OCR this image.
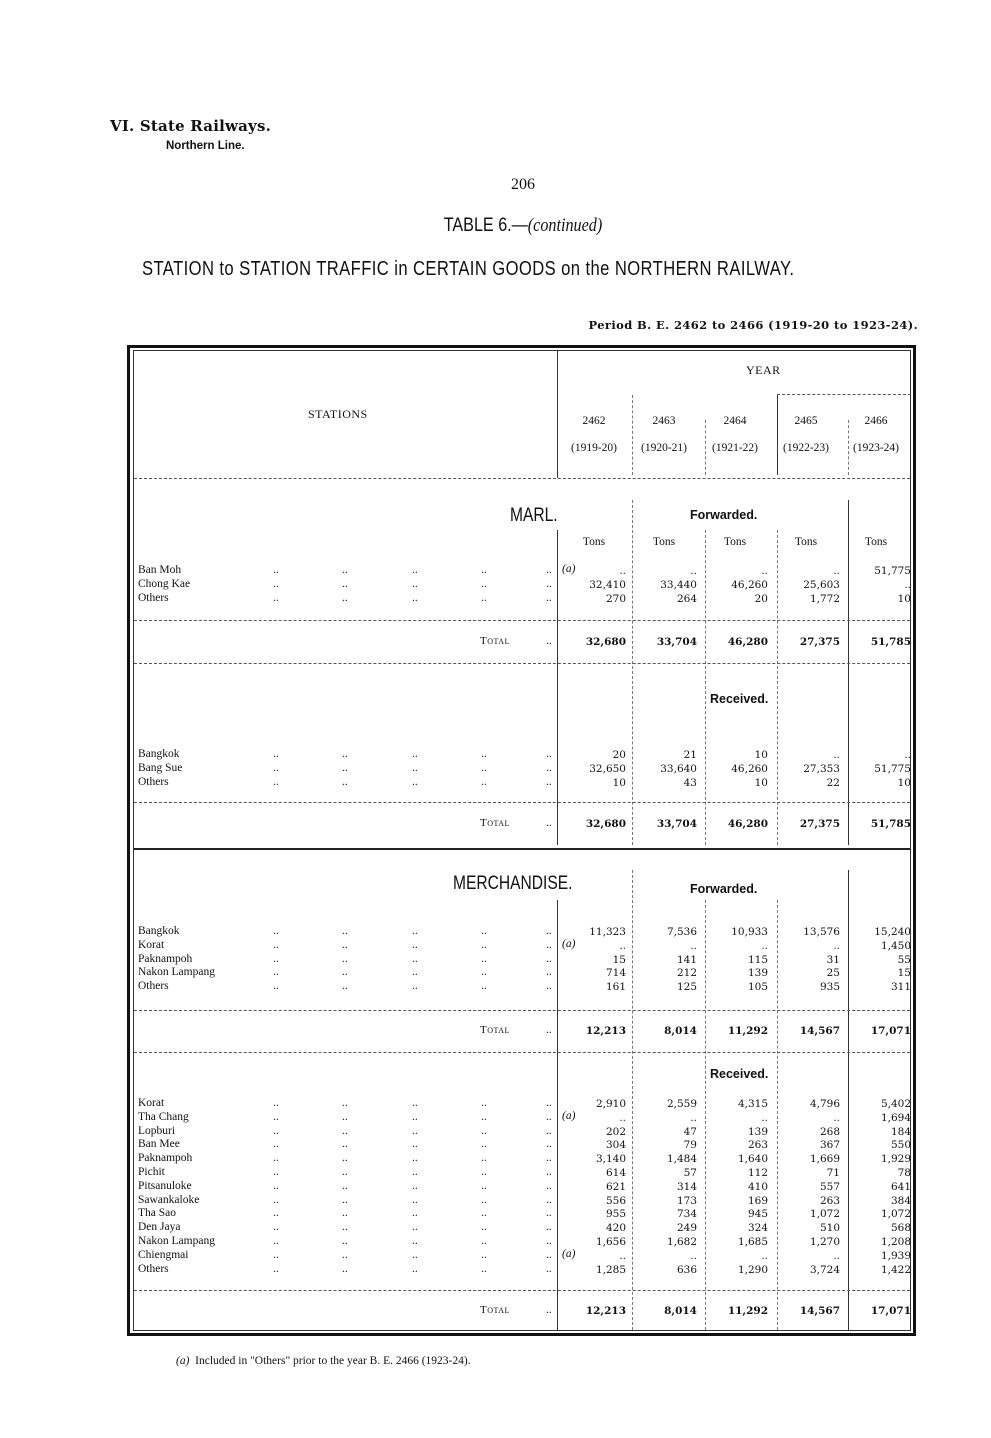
VI. State Railways.
Northern Line.
206
TABLE 6.—(continued)
STATION to STATION TRAFFIC in CERTAIN GOODS on the NORTHERN RAILWAY.
Period B. E. 2462 to 2466 (1919-20 to 1923-24).
STATIONS
YEAR
2462
(1919-20)
2463
(1920-21)
2464
(1921-22)
2465
(1922-23)
2466
(1923-24)
MARL.	Forwarded.
Tons	Tons	Tons	Tons	Tons
Ban Moh	..	..	..	..	.. (a)	..	..	..	..	51,775
Chong Kae	..	..	..	..	..	32,410	33,440	46,260	25,603	..
Others	..	..	..	..	..	270	264	20	1,772	10
Total	..	32,680	33,704	46,280	27,375	51,785
Received.
Bangkok	..	..	..	..	..	20	21	10	..	..
Bang Sue	..	..	..	..	..	32,650	33,640	46,260	27,353	51,775
Others	..	..	..	..	..	10	43	10	22	10
Total	..	32,680	33,704	46,280	27,375	51,785
MERCHANDISE.	Forwarded.
Bangkok	..	..	..	..	..	11,323	7,536	10,933	13,576	15,240
Korat	..	..	..	..	.. (a)	..	..	..	..	1,450
Paknampoh	..	..	..	..	..	15	141	115	31	55
Nakon Lampang	..	..	..	..	..	714	212	139	25	15
Others	..	..	..	..	..	161	125	105	935	311
Total	..	12,213	8,014	11,292	14,567	17,071
Received.
Korat	..	..	..	..	..	2,910	2,559	4,315	4,796	5,402
Tha Chang	..	..	..	..	.. (a)	..	..	..	..	1,694
Lopburi	..	..	..	..	..	202	47	139	268	184
Ban Mee	..	..	..	..	..	304	79	263	367	550
Paknampoh	..	..	..	..	..	3,140	1,484	1,640	1,669	1,929
Pichit	..	..	..	..	..	614	57	112	71	78
Pitsanuloke	..	..	..	..	..	621	314	410	557	641
Sawankaloke	..	..	..	..	..	556	173	169	263	384
Tha Sao	..	..	..	..	..	955	734	945	1,072	1,072
Den Jaya	..	..	..	..	..	420	249	324	510	568
Nakon Lampang	..	..	..	..	..	1,656	1,682	1,685	1,270	1,208
Chiengmai	..	..	..	..	.. (a)	..	..	..	..	1,939
Others	..	..	..	..	..	1,285	636	1,290	3,724	1,422
Total	..	12,213	8,014	11,292	14,567	17,071
(a) Included in "Others" prior to the year B. E. 2466 (1923-24).
